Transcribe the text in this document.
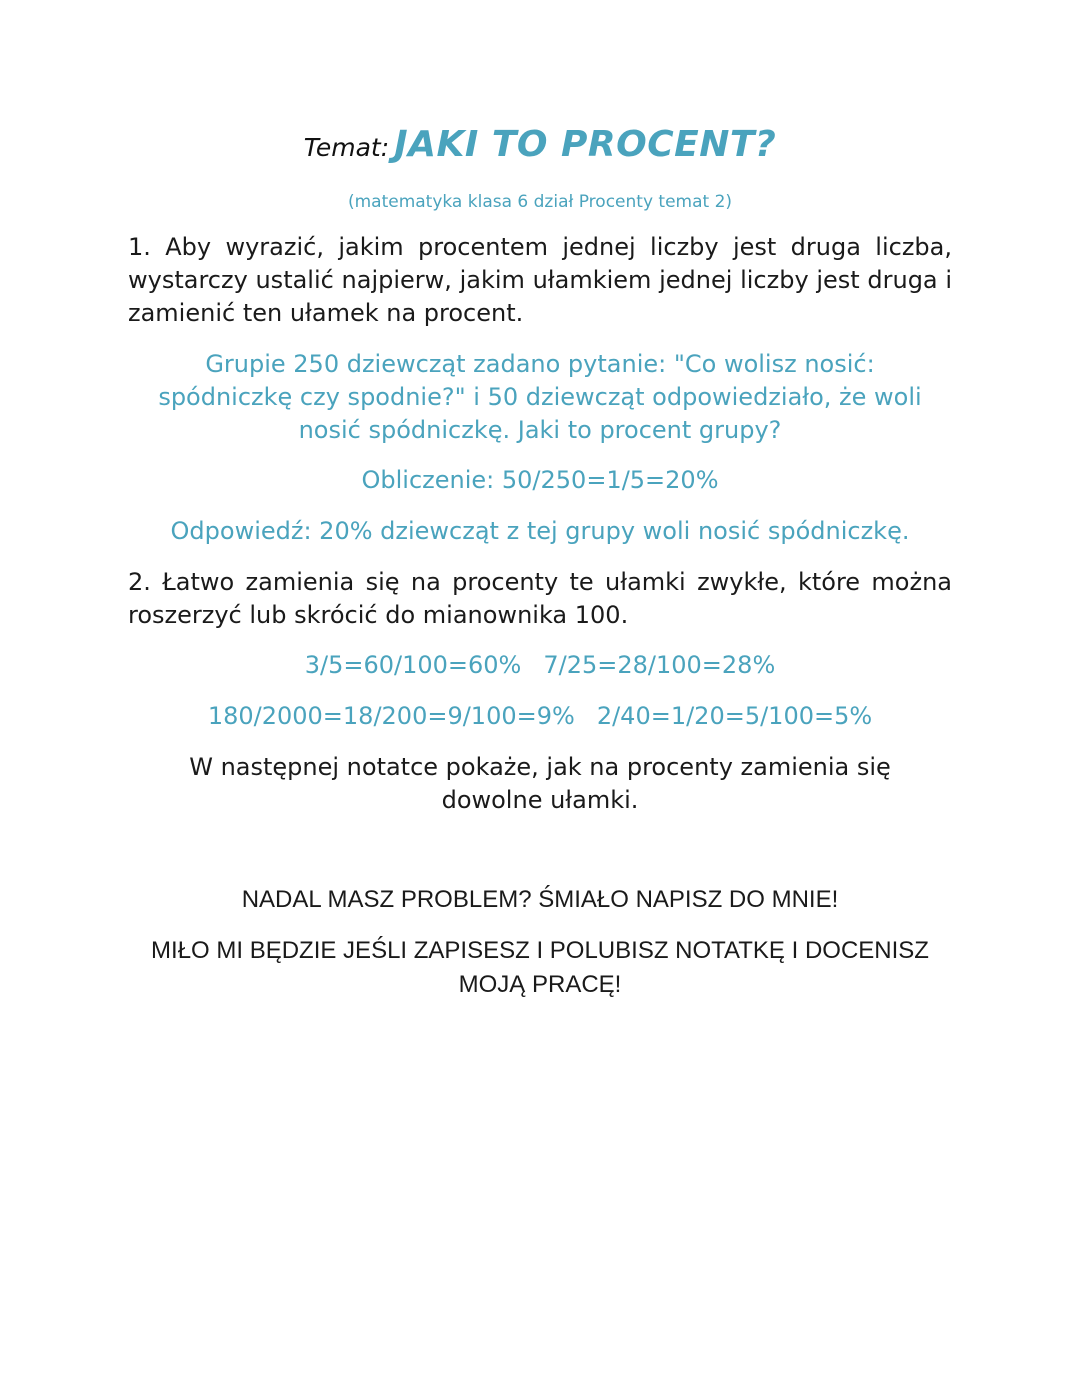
Temat: JAKI TO PROCENT?
(matematyka klasa 6 dział Procenty temat 2)
1. Aby wyrazić, jakim procentem jednej liczby jest druga liczba, wystarczy ustalić najpierw, jakim ułamkiem jednej liczby jest druga i zamienić ten ułamek na procent.
Grupie 250 dziewcząt zadano pytanie: "Co wolisz nosić: spódniczkę czy spodnie?" i 50 dziewcząt odpowiedziało, że woli nosić spódniczkę. Jaki to procent grupy?
Obliczenie: 50/250=1/5=20%
Odpowiedź: 20% dziewcząt z tej grupy woli nosić spódniczkę.
2. Łatwo zamienia się na procenty te ułamki zwykłe, które można roszerzyć lub skrócić do mianownika 100.
3/5=60/100=60% 7/25=28/100=28%
180/2000=18/200=9/100=9% 2/40=1/20=5/100=5%
W następnej notatce pokaże, jak na procenty zamienia się dowolne ułamki.
NADAL MASZ PROBLEM? ŚMIAŁO NAPISZ DO MNIE!
MIŁO MI BĘDZIE JEŚLI ZAPISESZ I POLUBISZ NOTATKĘ I DOCENISZ MOJĄ PRACĘ!
